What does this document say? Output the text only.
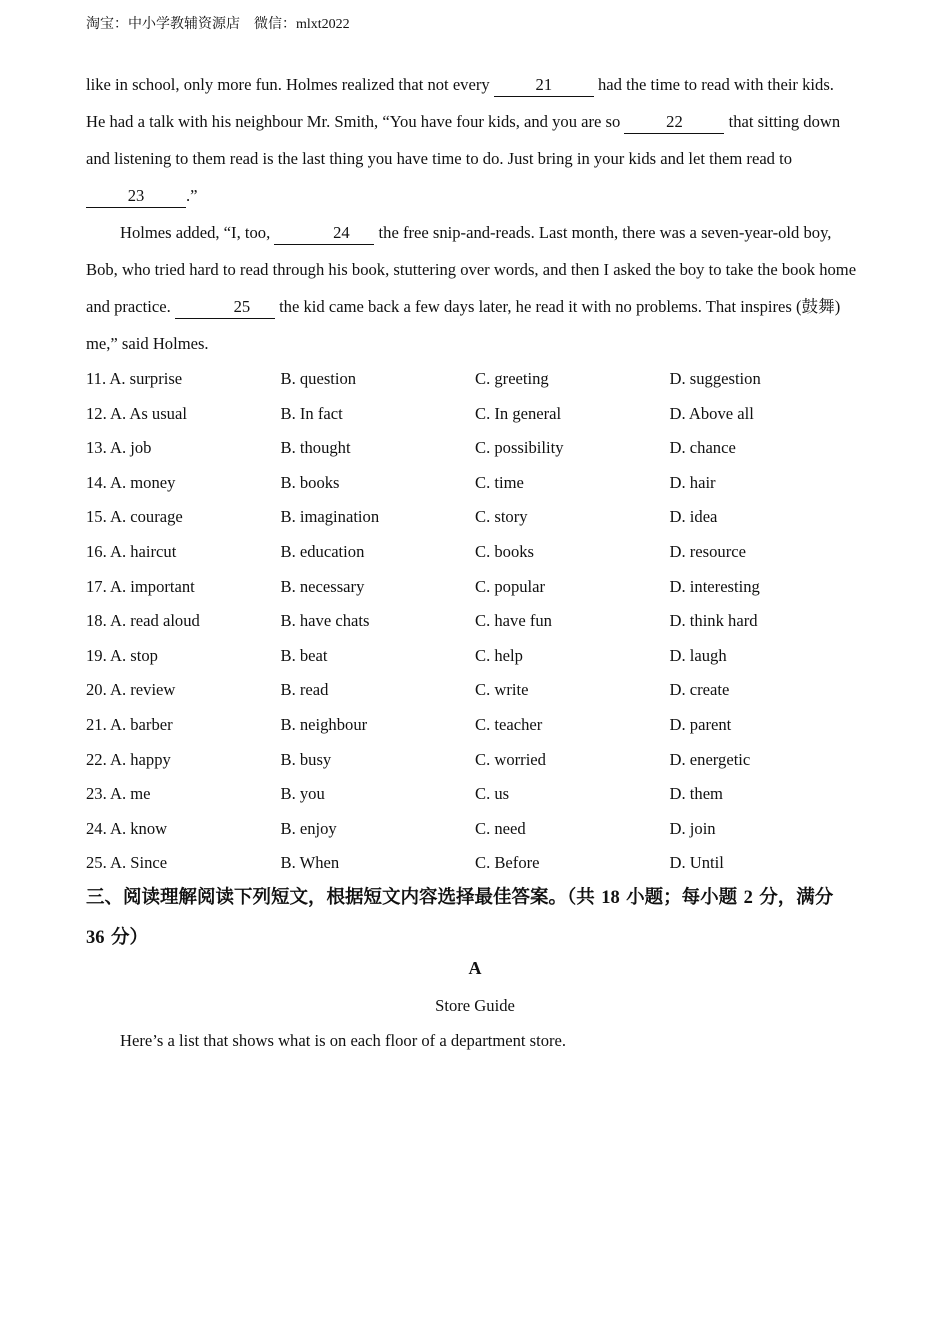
淘宝：中小学教辅资源店　微信：mlxt2022

like in school, only more fun. Holmes realized that not every	21	had the time to read with their kids.
He had a talk with his neighbour Mr. Smith, “You have four kids, and you are so	22	that sitting down
and listening to them read is the last thing you have time to do. Just bring in your kids and let them read to
23	.”

Holmes added, “I, too,	24 the free snip-and-reads. Last month, there was a seven-year-old boy, Bob, who tried hard to read through his book, stuttering over words, and then I asked the boy to take the book home and practice.	25 the kid came back a few days later, he read it with no problems. That inspires (鼓舞) me,” said Holmes.

11. A. surprise	B. question	C. greeting	D. suggestion
12. A. As usual	B. In fact	C. In general	D. Above all
13. A. job	B. thought	C. possibility	D. chance
14. A. money	B. books	C. time	D. hair
15. A. courage	B. imagination	C. story	D. idea
16. A. haircut	B. education	C. books	D. resource
17. A. important	B. necessary	C. popular	D. interesting
18. A. read aloud	B. have chats	C. have fun	D. think hard
19. A. stop	B. beat	C. help	D. laugh
20. A. review	B. read	C. write	D. create
21. A. barber	B. neighbour	C. teacher	D. parent
22. A. happy	B. busy	C. worried	D. energetic
23. A. me	B. you	C. us	D. them
24. A. know	B. enjoy	C. need	D. join
25. A. Since	B. When	C. Before	D. Until
三、阅读理解阅读下列短文，根据短文内容选择最佳答案。（共 18 小题；每小题 2 分，满分
36 分）
A
Store Guide
Here’s a list that shows what is on each floor of a department store.
